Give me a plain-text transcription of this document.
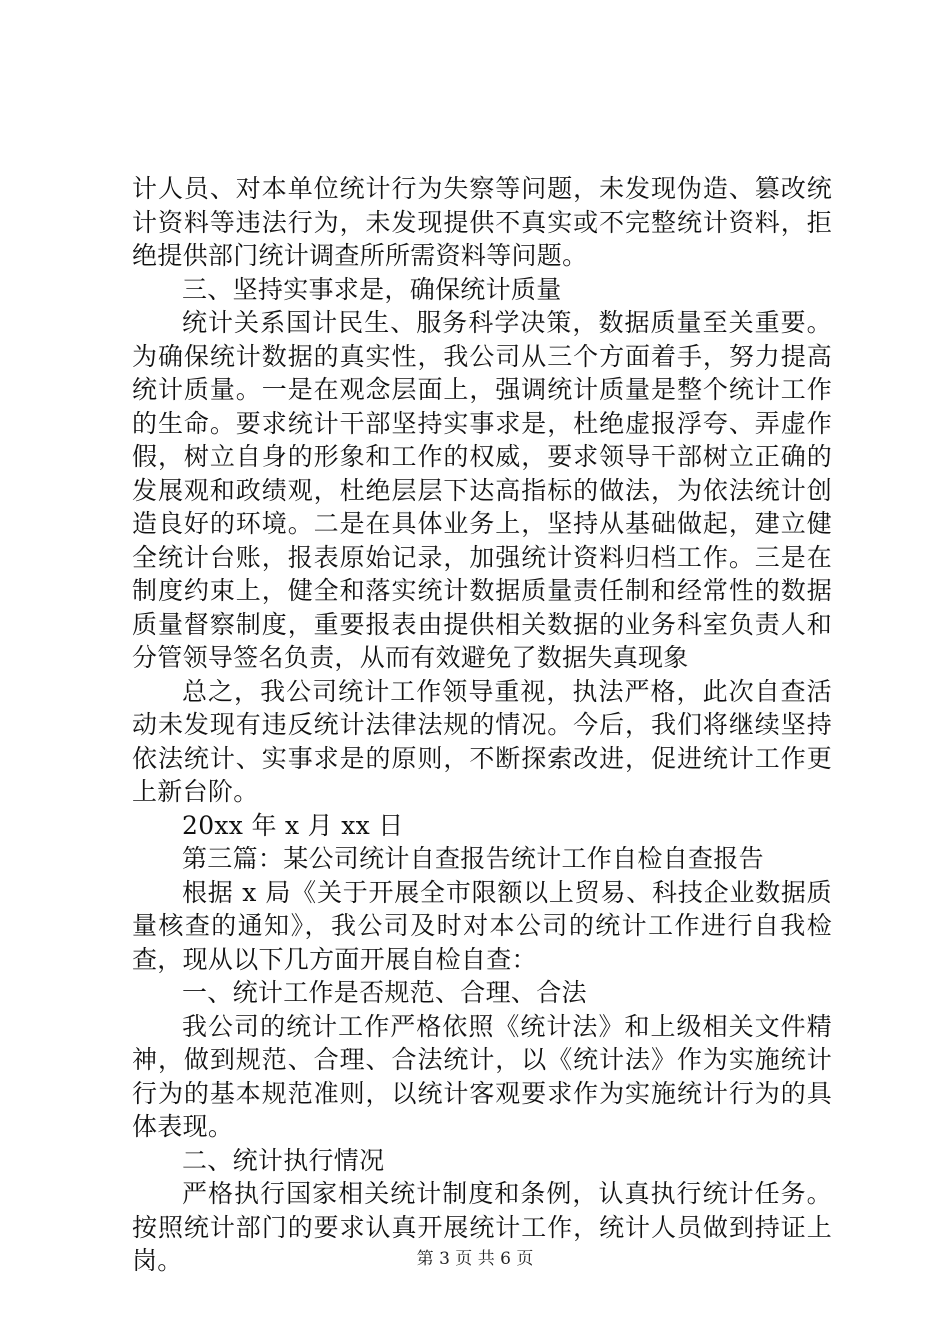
计人员、对本单位统计行为失察等问题，未发现伪造、篡改统计资料等违法行为，未发现提供不真实或不完整统计资料，拒绝提供部门统计调查所所需资料等问题。

三、坚持实事求是，确保统计质量

统计关系国计民生、服务科学决策，数据质量至关重要。为确保统计数据的真实性，我公司从三个方面着手，努力提高统计质量。一是在观念层面上，强调统计质量是整个统计工作的生命。要求统计干部坚持实事求是，杜绝虚报浮夸、弄虚作假，树立自身的形象和工作的权威，要求领导干部树立正确的发展观和政绩观，杜绝层层下达高指标的做法，为依法统计创造良好的环境。二是在具体业务上，坚持从基础做起，建立健全统计台账，报表原始记录，加强统计资料归档工作。三是在制度约束上，健全和落实统计数据质量责任制和经常性的数据质量督察制度，重要报表由提供相关数据的业务科室负责人和分管领导签名负责，从而有效避免了数据失真现象

总之，我公司统计工作领导重视，执法严格，此次自查活动未发现有违反统计法律法规的情况。今后，我们将继续坚持依法统计、实事求是的原则，不断探索改进，促进统计工作更上新台阶。

20xx 年 x 月 xx 日

第三篇：某公司统计自查报告统计工作自检自查报告

根据 x 局《关于开展全市限额以上贸易、科技企业数据质量核查的通知》，我公司及时对本公司的统计工作进行自我检查，现从以下几方面开展自检自查：

一、统计工作是否规范、合理、合法

我公司的统计工作严格依照《统计法》和上级相关文件精神，做到规范、合理、合法统计，以《统计法》作为实施统计行为的基本规范准则，以统计客观要求作为实施统计行为的具体表现。

二、统计执行情况

严格执行国家相关统计制度和条例，认真执行统计任务。按照统计部门的要求认真开展统计工作，统计人员做到持证上岗。	第 3 页 共 6 页
